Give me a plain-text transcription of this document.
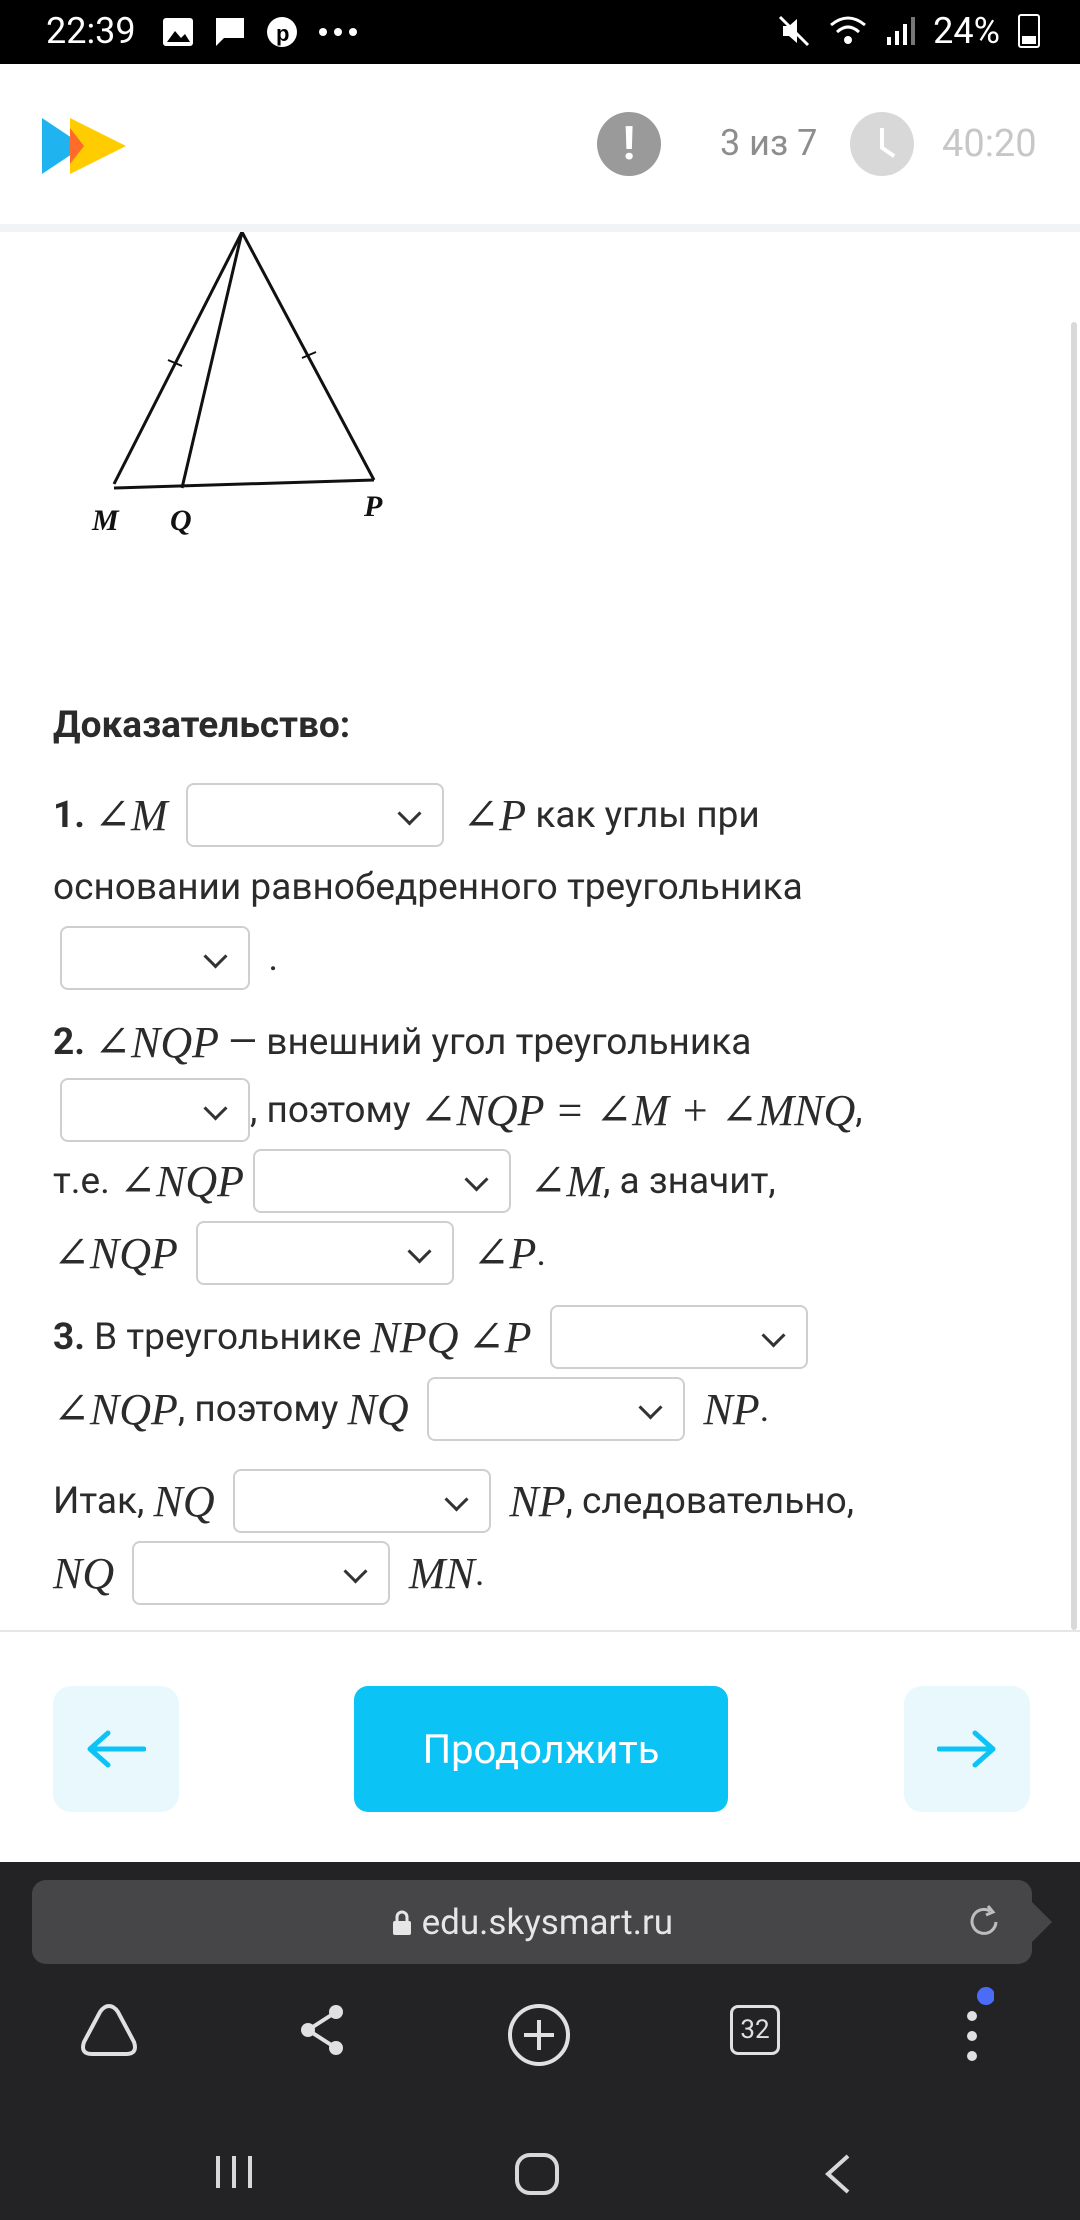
22:39	p	24%
!	3 из 7	40:20
M Q	P
Доказательство:
1.
∠M

	∠P
как углы при
основании равнобедренного треугольника

.
2.
∠NQP
— внешний угол треугольника
, поэтому
∠NQP = ∠M + ∠MNQ ,
т.е.
∠NQP

	∠M , а значит,
∠NQP

	∠P .
3.
В треугольнике
NPQ
∠P

∠NQP , поэтому
NQ

	NP .
Итак,
NQ

	NP , следовательно,
NQ

	MN .
Продолжить
edu.skysmart.ru
32
